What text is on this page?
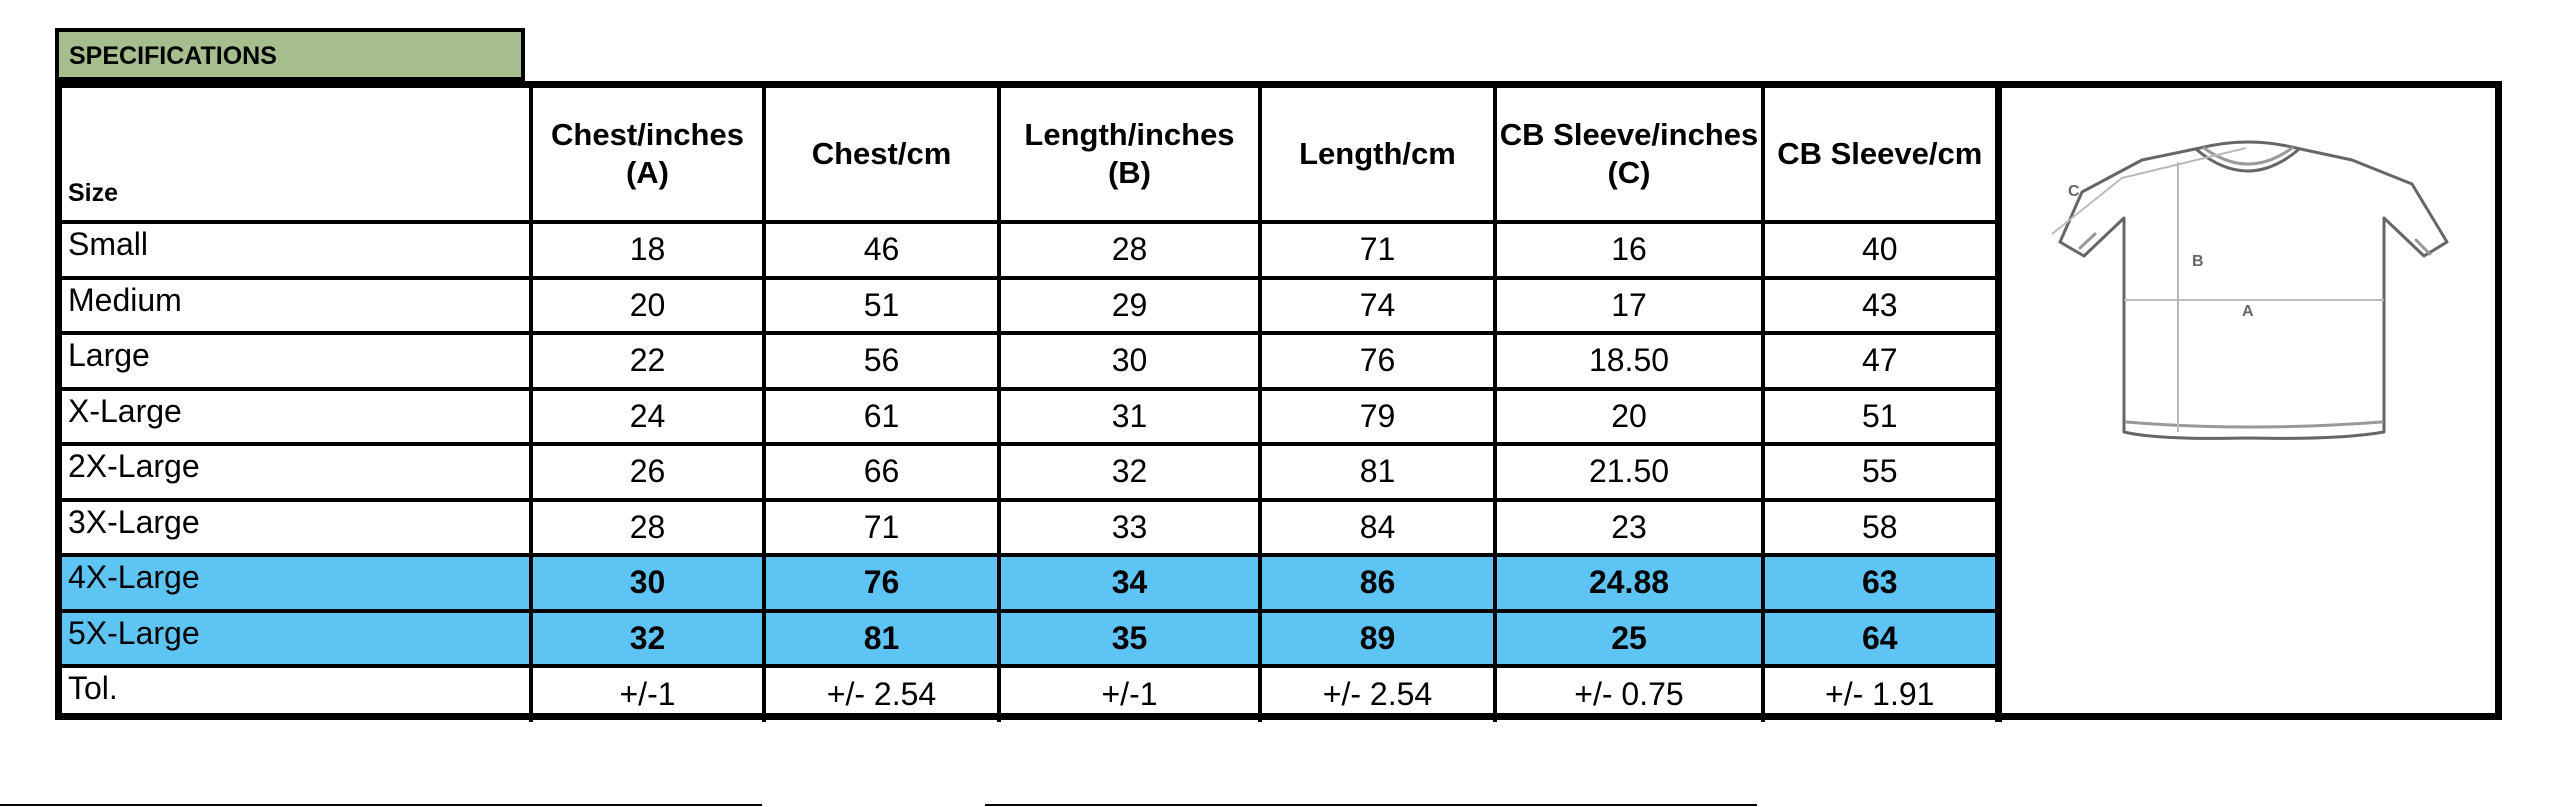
SPECIFICATIONS
Size	Chest/inches (A)	Chest/cm	Length/inches (B)	Length/cm	CB Sleeve/inches (C)	CB Sleeve/cm
Small	18	46	28	71	16	40
Medium	20	51	29	74	17	43
Large	22	56	30	76	18.50	47
X-Large	24	61	31	79	20	51
2X-Large	26	66	32	81	21.50	55
3X-Large	28	71	33	84	23	58
4X-Large	30	76	34	86	24.88	63
5X-Large	32	81	35	89	25	64
Tol.	+/-1	+/- 2.54	+/-1	+/- 2.54	+/- 0.75	+/- 1.91
B
A
C
